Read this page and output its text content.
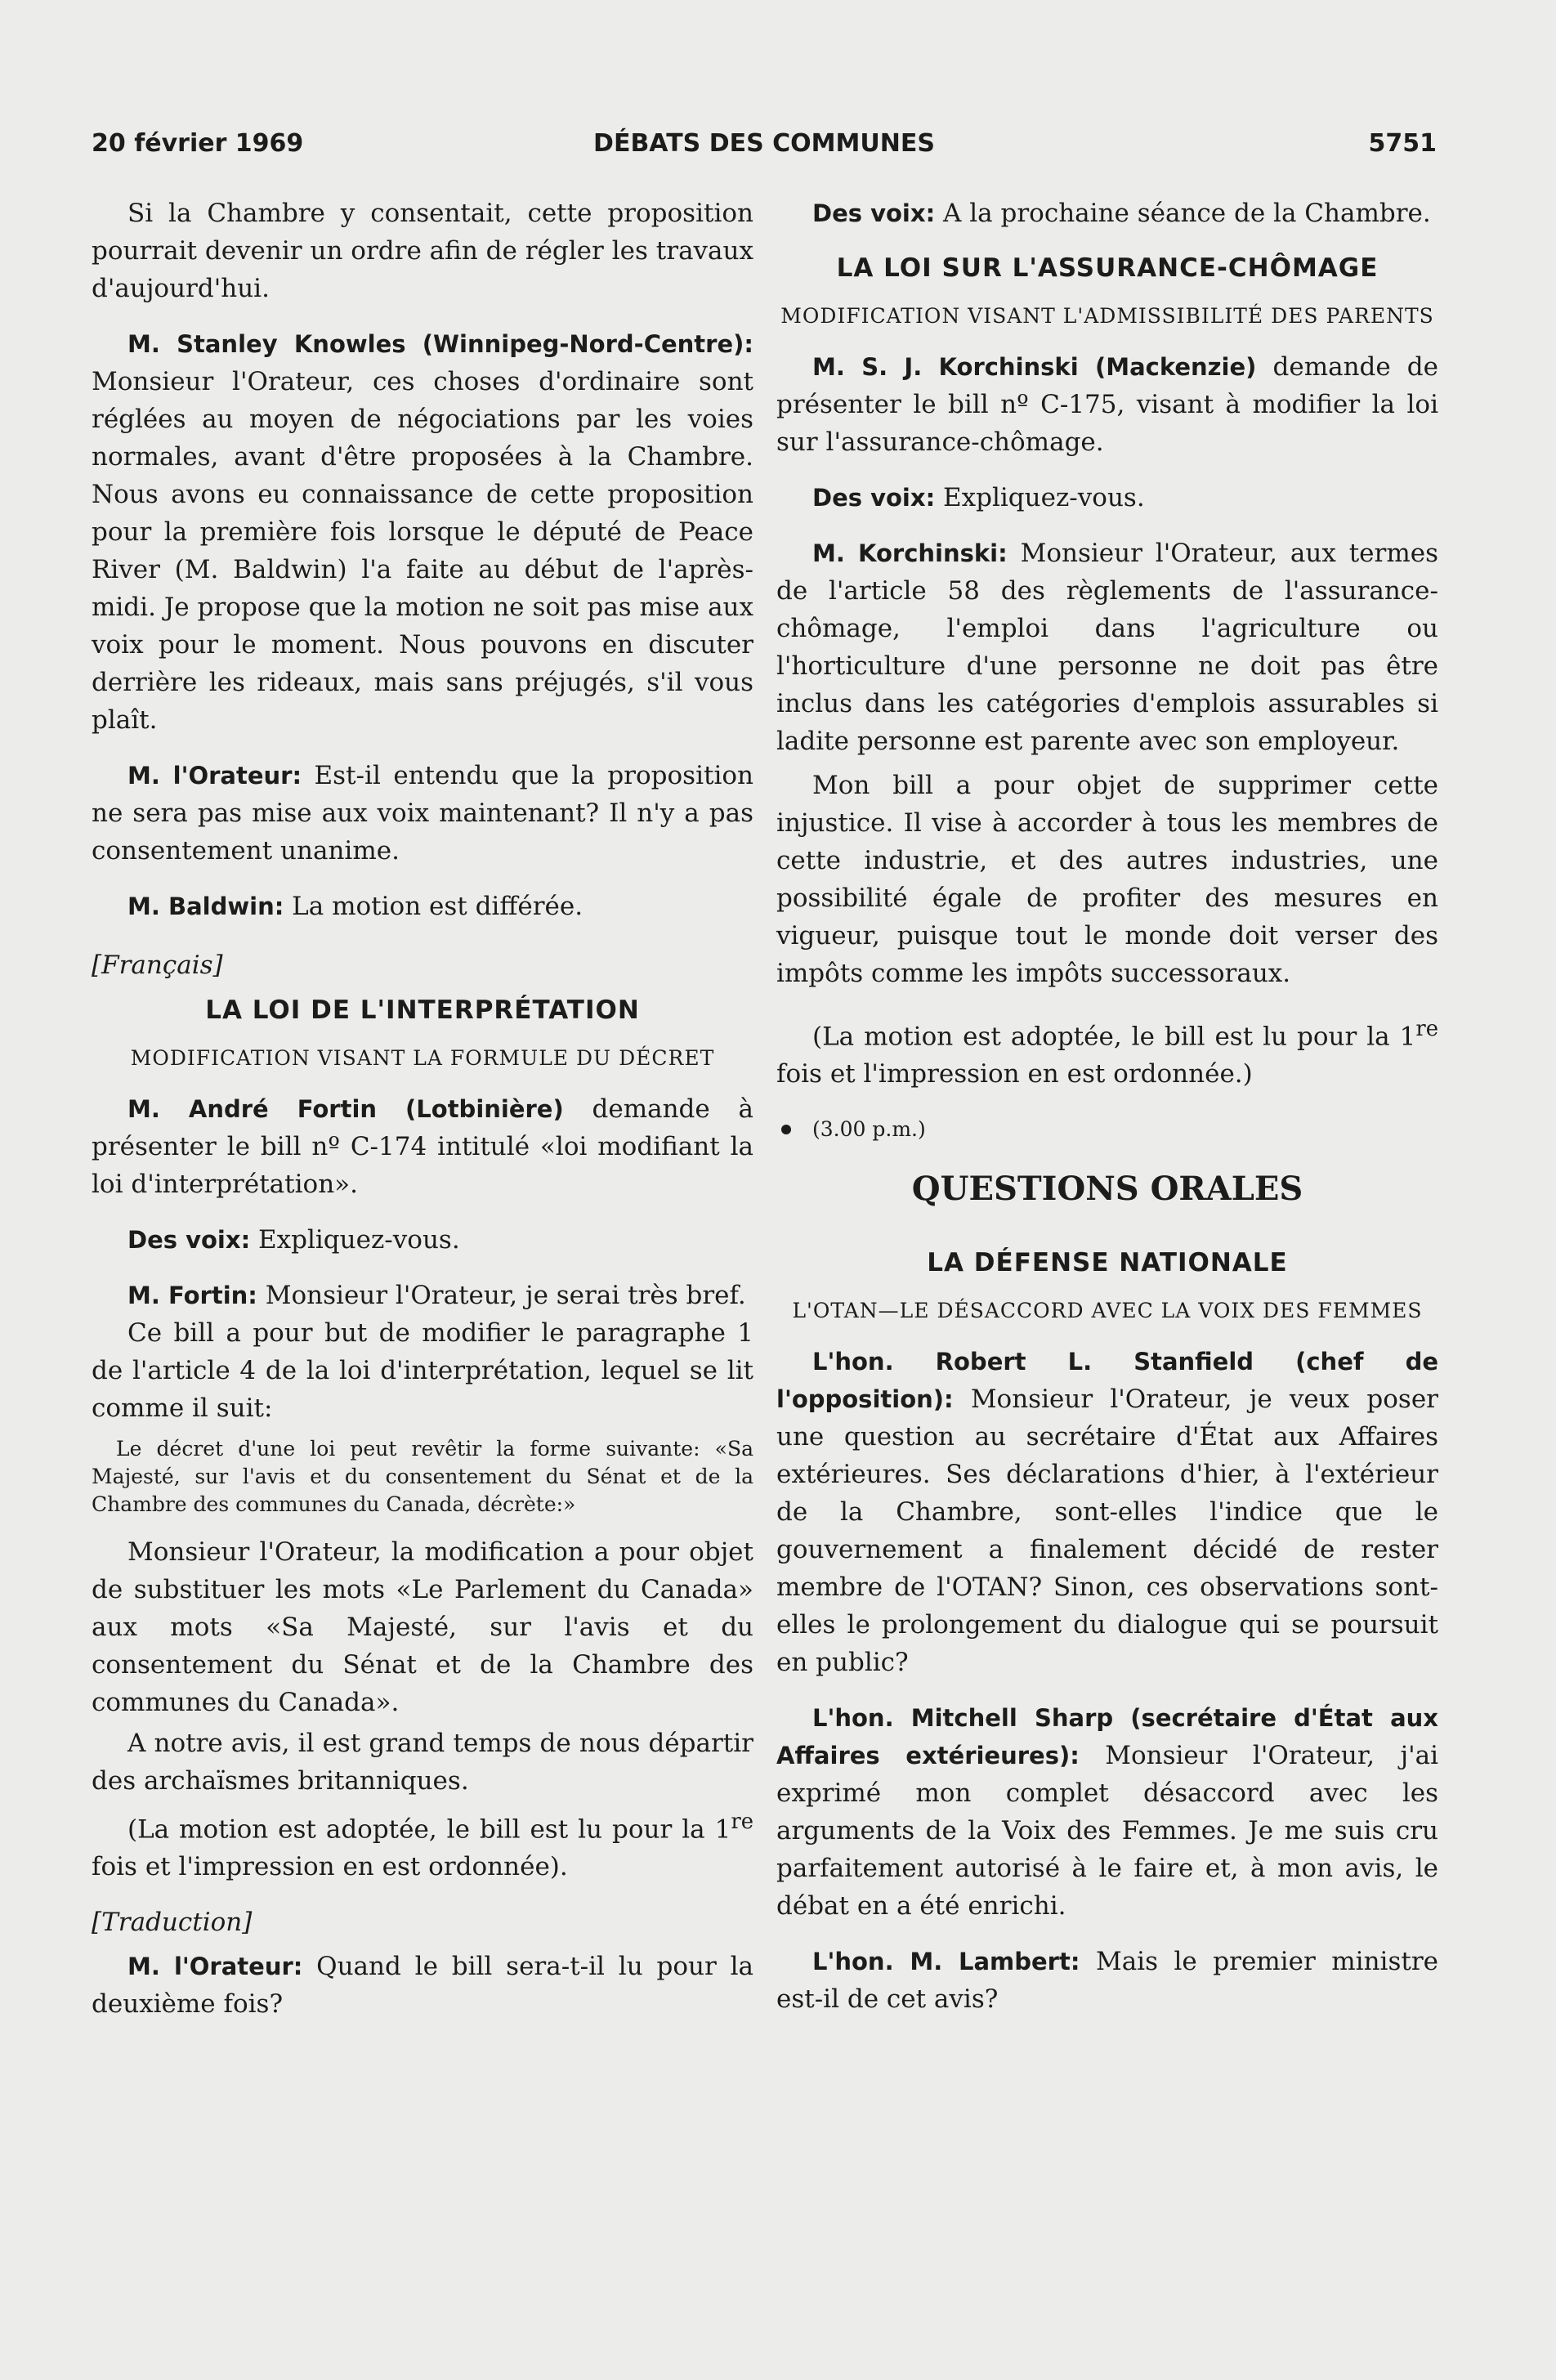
20 février 1969	DÉBATS DES COMMUNES	5751

Si la Chambre y consentait, cette proposition pourrait devenir un ordre afin de régler les travaux d'aujourd'hui.

M. Stanley Knowles (Winnipeg-Nord-Centre): Monsieur l'Orateur, ces choses d'ordinaire sont réglées au moyen de négociations par les voies normales, avant d'être proposées à la Chambre. Nous avons eu connaissance de cette proposition pour la première fois lorsque le député de Peace River (M. Baldwin) l'a faite au début de l'après-midi. Je propose que la motion ne soit pas mise aux voix pour le moment. Nous pouvons en discuter derrière les rideaux, mais sans préjugés, s'il vous plaît.

M. l'Orateur: Est-il entendu que la proposition ne sera pas mise aux voix maintenant? Il n'y a pas consentement unanime.

M. Baldwin: La motion est différée.

[Français]
LA LOI DE L'INTERPRÉTATION
MODIFICATION VISANT LA FORMULE DU DÉCRET

M. André Fortin (Lotbinière) demande à présenter le bill nº C-174 intitulé «loi modifiant la loi d'interprétation».

Des voix: Expliquez-vous.

M. Fortin: Monsieur l'Orateur, je serai très bref.

Ce bill a pour but de modifier le paragraphe 1 de l'article 4 de la loi d'interprétation, lequel se lit comme il suit:

Le décret d'une loi peut revêtir la forme suivante: «Sa Majesté, sur l'avis et du consentement du Sénat et de la Chambre des communes du Canada, décrète:»

Monsieur l'Orateur, la modification a pour objet de substituer les mots «Le Parlement du Canada» aux mots «Sa Majesté, sur l'avis et du consentement du Sénat et de la Chambre des communes du Canada».

A notre avis, il est grand temps de nous départir des archaïsmes britanniques.

(La motion est adoptée, le bill est lu pour la 1re fois et l'impression en est ordonnée).

[Traduction]

M. l'Orateur: Quand le bill sera-t-il lu pour la deuxième fois?

Des voix: A la prochaine séance de la Chambre.

LA LOI SUR L'ASSURANCE-CHÔMAGE
MODIFICATION VISANT L'ADMISSIBILITÉ DES PARENTS

M. S. J. Korchinski (Mackenzie) demande de présenter le bill nº C-175, visant à modifier la loi sur l'assurance-chômage.

Des voix: Expliquez-vous.

M. Korchinski: Monsieur l'Orateur, aux termes de l'article 58 des règlements de l'assurance-chômage, l'emploi dans l'agriculture ou l'horticulture d'une personne ne doit pas être inclus dans les catégories d'emplois assurables si ladite personne est parente avec son employeur.

Mon bill a pour objet de supprimer cette injustice. Il vise à accorder à tous les membres de cette industrie, et des autres industries, une possibilité égale de profiter des mesures en vigueur, puisque tout le monde doit verser des impôts comme les impôts successoraux.

(La motion est adoptée, le bill est lu pour la 1re fois et l'impression en est ordonnée.)

(3.00 p.m.)
QUESTIONS ORALES
LA DÉFENSE NATIONALE
L'OTAN—LE DÉSACCORD AVEC LA VOIX DES FEMMES

L'hon. Robert L. Stanfield (chef de l'opposition): Monsieur l'Orateur, je veux poser une question au secrétaire d'État aux Affaires extérieures. Ses déclarations d'hier, à l'extérieur de la Chambre, sont-elles l'indice que le gouvernement a finalement décidé de rester membre de l'OTAN? Sinon, ces observations sont-elles le prolongement du dialogue qui se poursuit en public?

L'hon. Mitchell Sharp (secrétaire d'État aux Affaires extérieures): Monsieur l'Orateur, j'ai exprimé mon complet désaccord avec les arguments de la Voix des Femmes. Je me suis cru parfaitement autorisé à le faire et, à mon avis, le débat en a été enrichi.

L'hon. M. Lambert: Mais le premier ministre est-il de cet avis?
